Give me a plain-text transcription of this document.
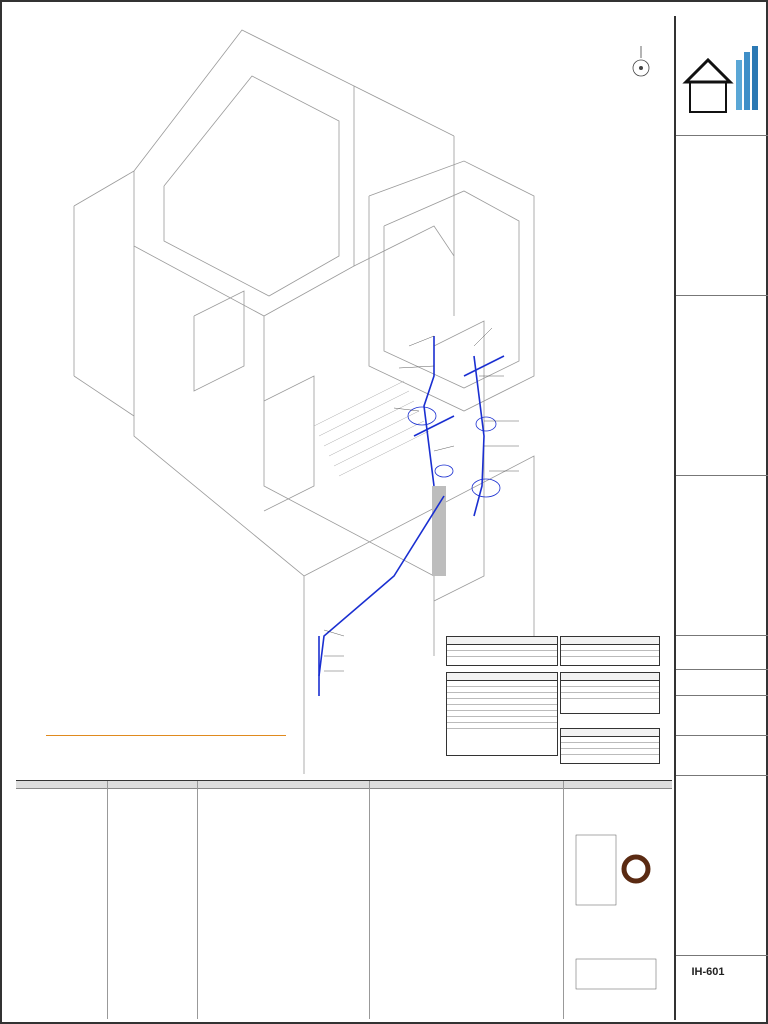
IH-601
